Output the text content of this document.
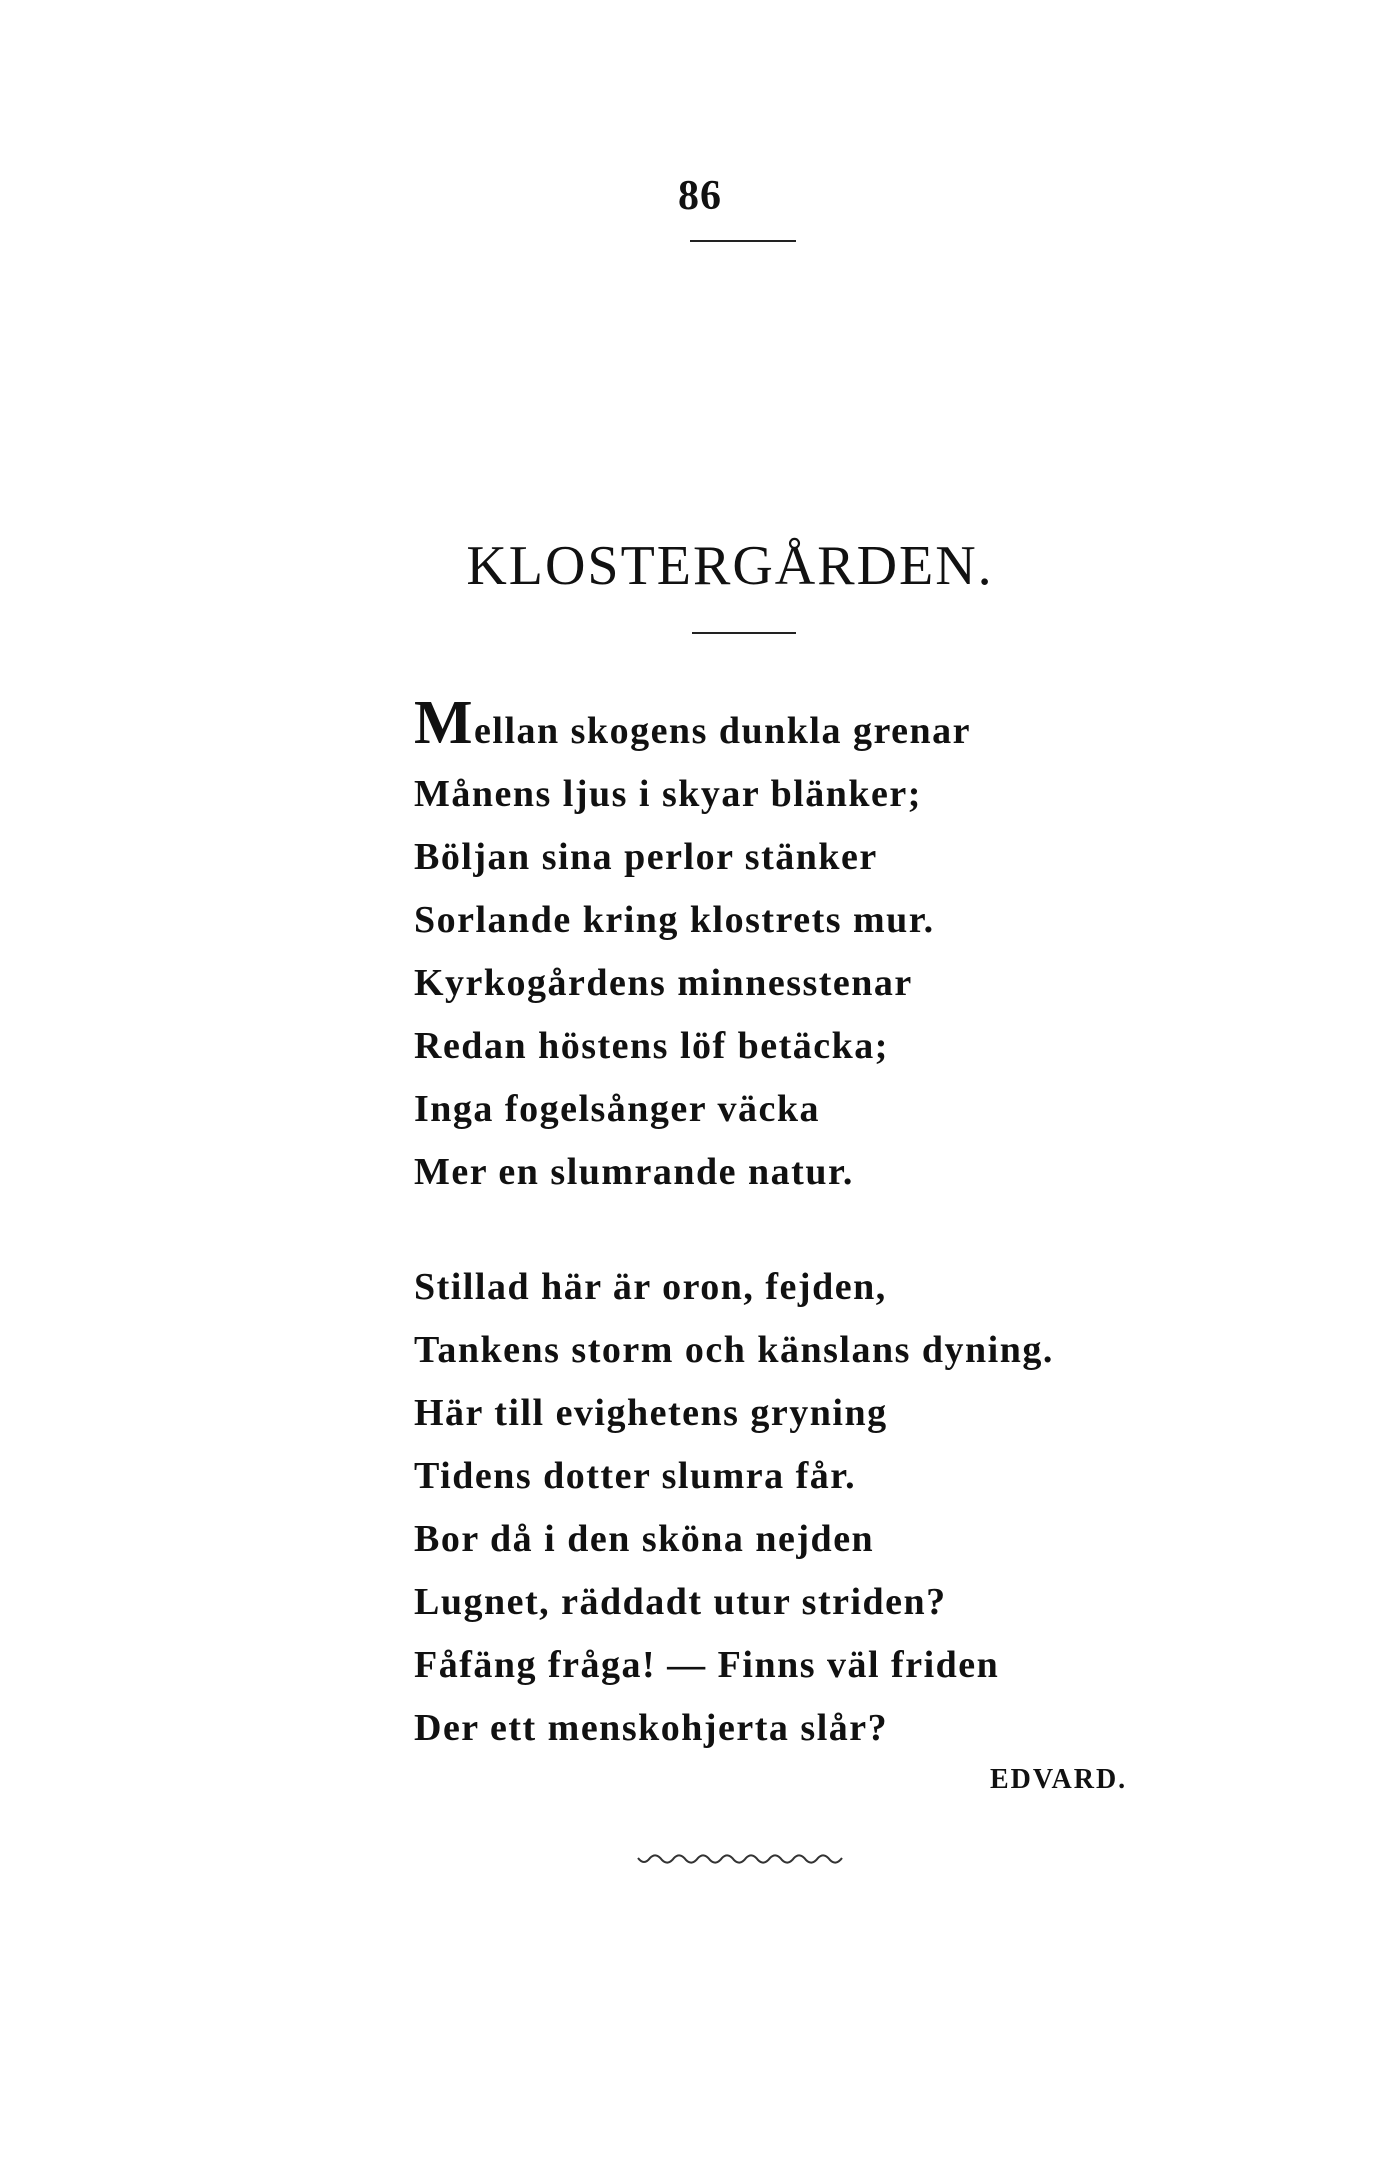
86
KLOSTERGÅRDEN.
Mellan skogens dunkla grenar
Månens ljus i skyar blänker;
Böljan sina perlor stänker
Sorlande kring klostrets mur.
Kyrkogårdens minnesstenar
Redan höstens löf betäcka;
Inga fogelsånger väcka
Mer en slumrande natur.
Stillad här är oron, fejden,
Tankens storm och känslans dyning.
Här till evighetens gryning
Tidens dotter slumra får.
Bor då i den sköna nejden
Lugnet, räddadt utur striden?
Fåfäng fråga! — Finns väl friden
Der ett menskohjerta slår?
EDVARD.
